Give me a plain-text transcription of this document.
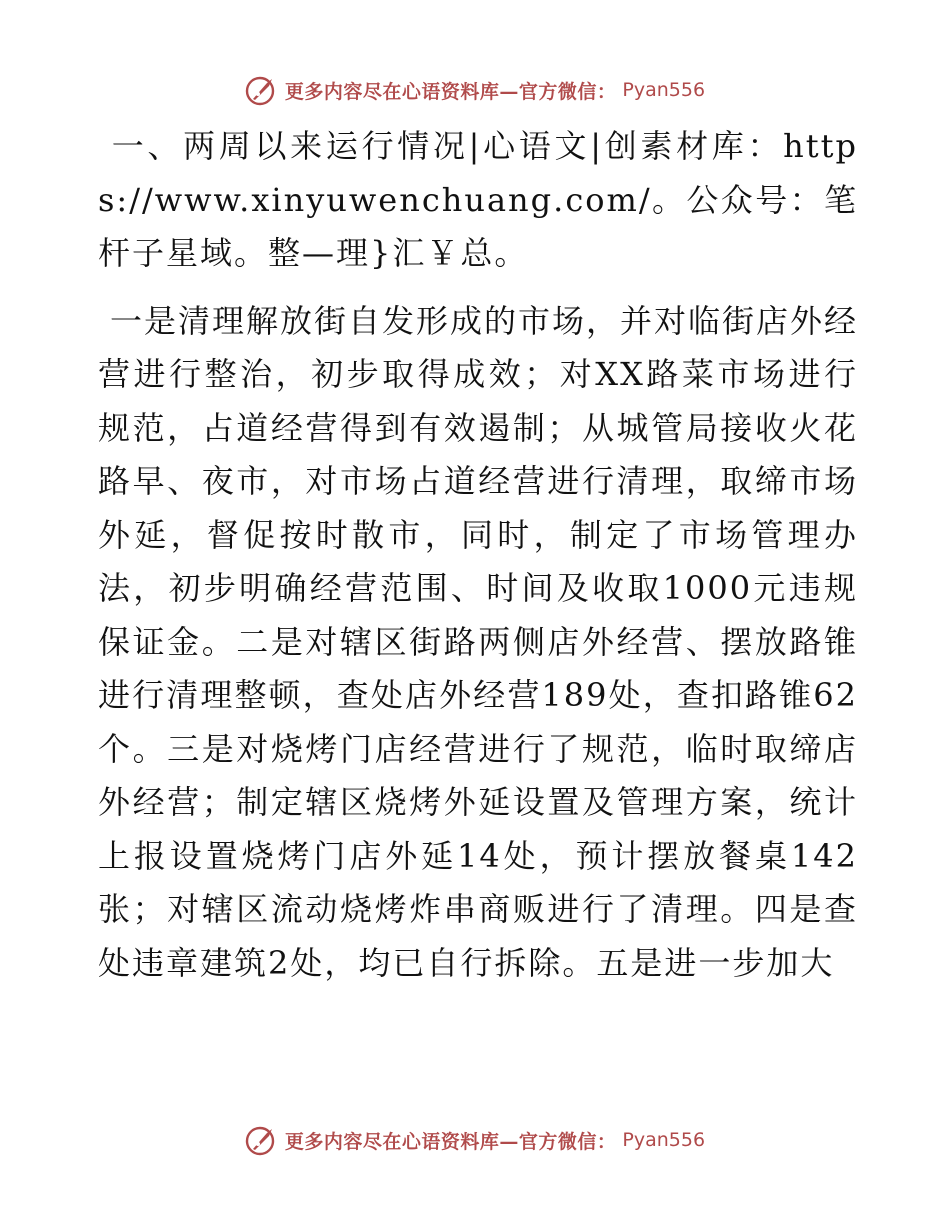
更多内容尽在心语资料库—官方微信： Pyan556

一、两周以来运行情况|心语文|创素材库：https://www.xinyuwenchuang.com/。公众号：笔杆子星域。整—理}汇￥总。

一是清理解放街自发形成的市场，并对临街店外经营进行整治，初步取得成效；对XX路菜市场进行规范，占道经营得到有效遏制；从城管局接收火花路早、夜市，对市场占道经营进行清理，取缔市场外延，督促按时散市，同时，制定了市场管理办法，初步明确经营范围、时间及收取1000元违规保证金。二是对辖区街路两侧店外经营、摆放路锥进行清理整顿，查处店外经营189处，查扣路锥62个。三是对烧烤门店经营进行了规范，临时取缔店外经营；制定辖区烧烤外延设置及管理方案，统计上报设置烧烤门店外延14处，预计摆放餐桌142张；对辖区流动烧烤炸串商贩进行了清理。四是查处违章建筑2处，均已自行拆除。五是进一步加大

更多内容尽在心语资料库—官方微信： Pyan556
